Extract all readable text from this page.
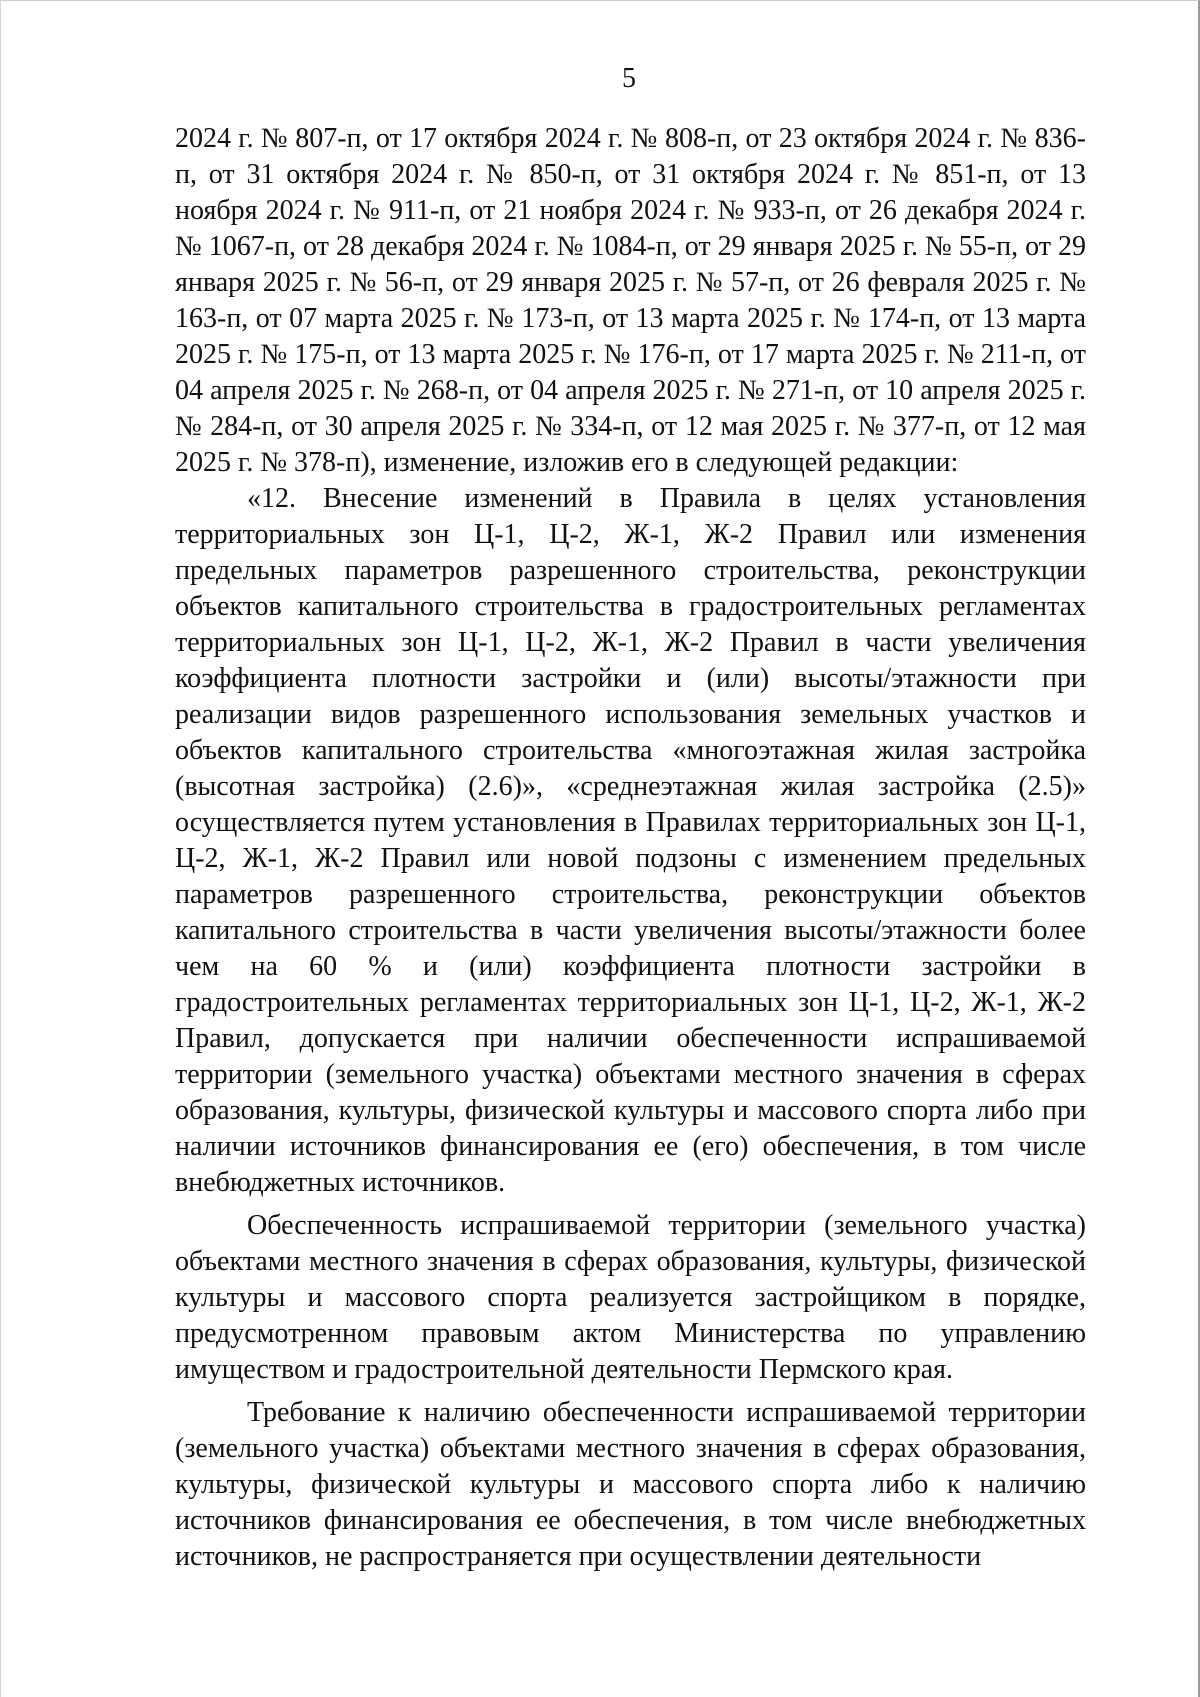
5

2024 г. № 807-п, от 17 октября 2024 г. № 808-п, от 23 октября 2024 г. № 836-п, от 31 октября 2024 г. № 850-п, от 31 октября 2024 г. № 851-п, от 13 ноября 2024 г. № 911-п, от 21 ноября 2024 г. № 933-п, от 26 декабря 2024 г. № 1067-п, от 28 декабря 2024 г. № 1084-п, от 29 января 2025 г. № 55-п, от 29 января 2025 г. № 56-п, от 29 января 2025 г. № 57-п, от 26 февраля 2025 г. № 163-п, от 07 марта 2025 г. № 173-п, от 13 марта 2025 г. № 174-п, от 13 марта 2025 г. № 175-п, от 13 марта 2025 г. № 176-п, от 17 марта 2025 г. № 211-п, от 04 апреля 2025 г. № 268-п, от 04 апреля 2025 г. № 271-п, от 10 апреля 2025 г. № 284-п, от 30 апреля 2025 г. № 334-п, от 12 мая 2025 г. № 377-п, от 12 мая 2025 г. № 378-п), изменение, изложив его в следующей редакции:

«12. Внесение изменений в Правила в целях установления территориальных зон Ц-1, Ц-2, Ж-1, Ж-2 Правил или изменения предельных параметров разрешенного строительства, реконструкции объектов капитального строительства в градостроительных регламентах территориальных зон Ц-1, Ц-2, Ж-1, Ж-2 Правил в части увеличения коэффициента плотности застройки и (или) высоты/этажности при реализации видов разрешенного использования земельных участков и объектов капитального строительства «многоэтажная жилая застройка (высотная застройка) (2.6)», «среднеэтажная жилая застройка (2.5)» осуществляется путем установления в Правилах территориальных зон Ц-1, Ц-2, Ж-1, Ж-2 Правил или новой подзоны с изменением предельных параметров разрешенного строительства, реконструкции объектов капитального строительства в части увеличения высоты/этажности более чем на 60 % и (или) коэффициента плотности застройки в градостроительных регламентах территориальных зон Ц-1, Ц-2, Ж-1, Ж-2 Правил, допускается при наличии обеспеченности испрашиваемой территории (земельного участка) объектами местного значения в сферах образования, культуры, физической культуры и массового спорта либо при наличии источников финансирования ее (его) обеспечения, в том числе внебюджетных источников.

Обеспеченность испрашиваемой территории (земельного участка) объектами местного значения в сферах образования, культуры, физической культуры и массового спорта реализуется застройщиком в порядке, предусмотренном правовым актом Министерства по управлению имуществом и градостроительной деятельности Пермского края.

Требование к наличию обеспеченности испрашиваемой территории (земельного участка) объектами местного значения в сферах образования, культуры, физической культуры и массового спорта либо к наличию источников финансирования ее обеспечения, в том числе внебюджетных источников, не распространяется при осуществлении деятельности
